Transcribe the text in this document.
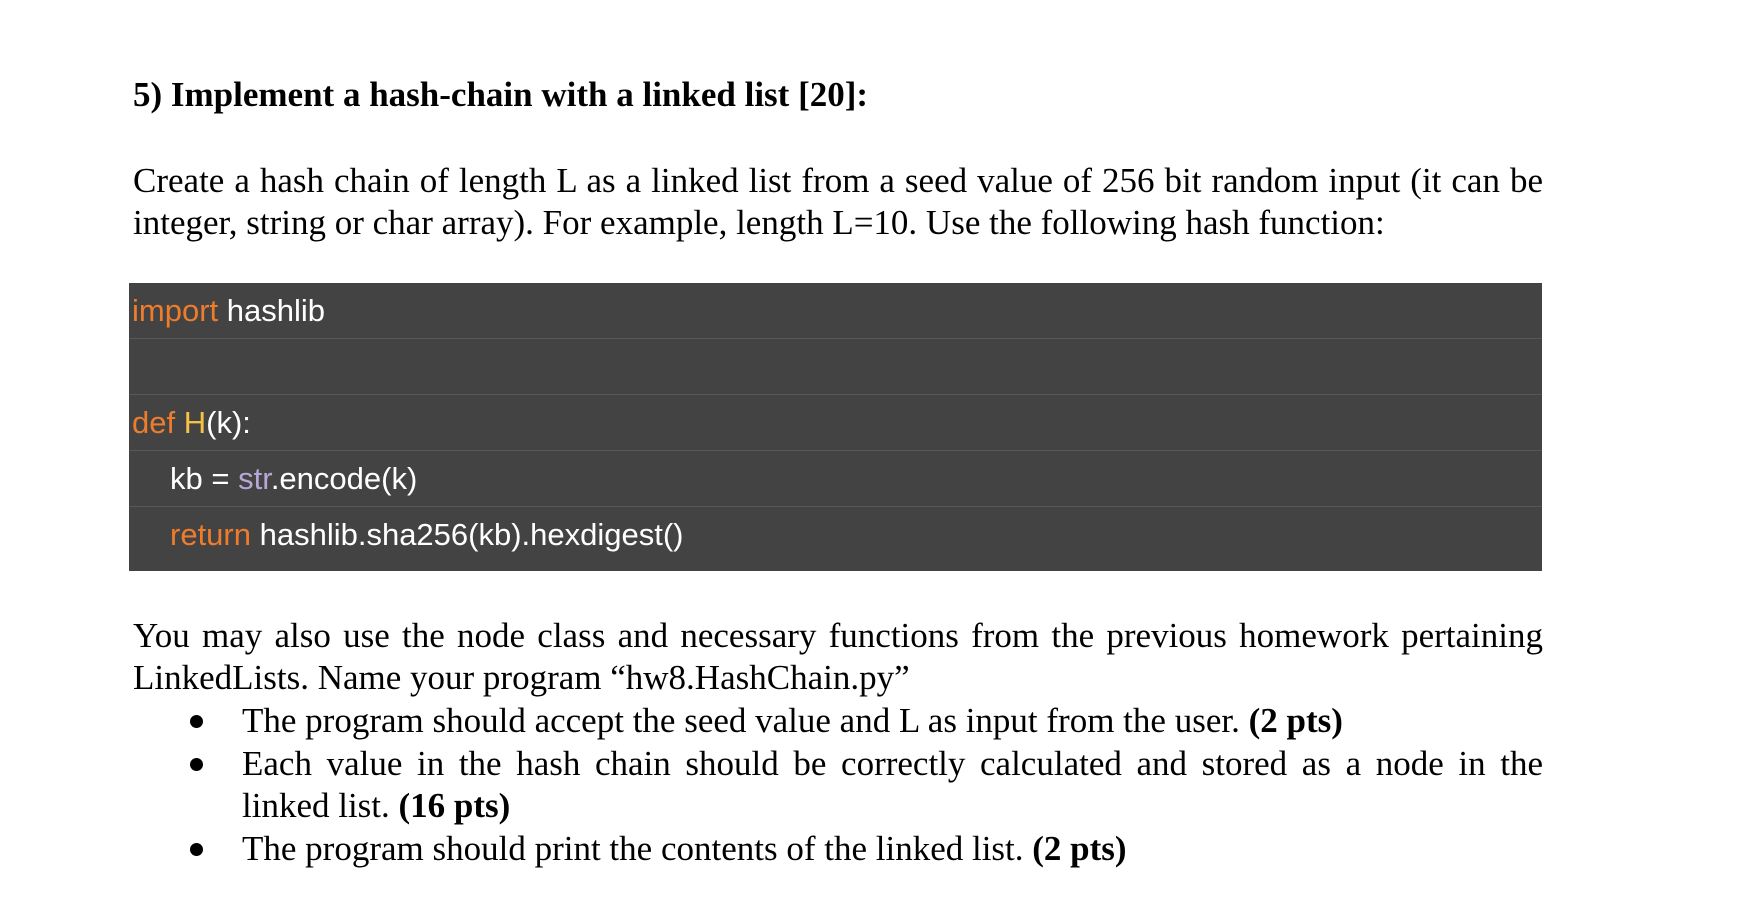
5) Implement a hash-chain with a linked list [20]:
Create a hash chain of length L as a linked list from a seed value of 256 bit random input (it can be integer, string or char array). For example, length L=10. Use the following hash function:
import hashlib
def H(k):
kb = str.encode(k)
return hashlib.sha256(kb).hexdigest()
You may also use the node class and necessary functions from the previous homework pertaining LinkedLists. Name your program “hw8.HashChain.py”
The program should accept the seed value and L as input from the user. (2 pts)
Each value in the hash chain should be correctly calculated and stored as a node in the linked list. (16 pts)
The program should print the contents of the linked list. (2 pts)
